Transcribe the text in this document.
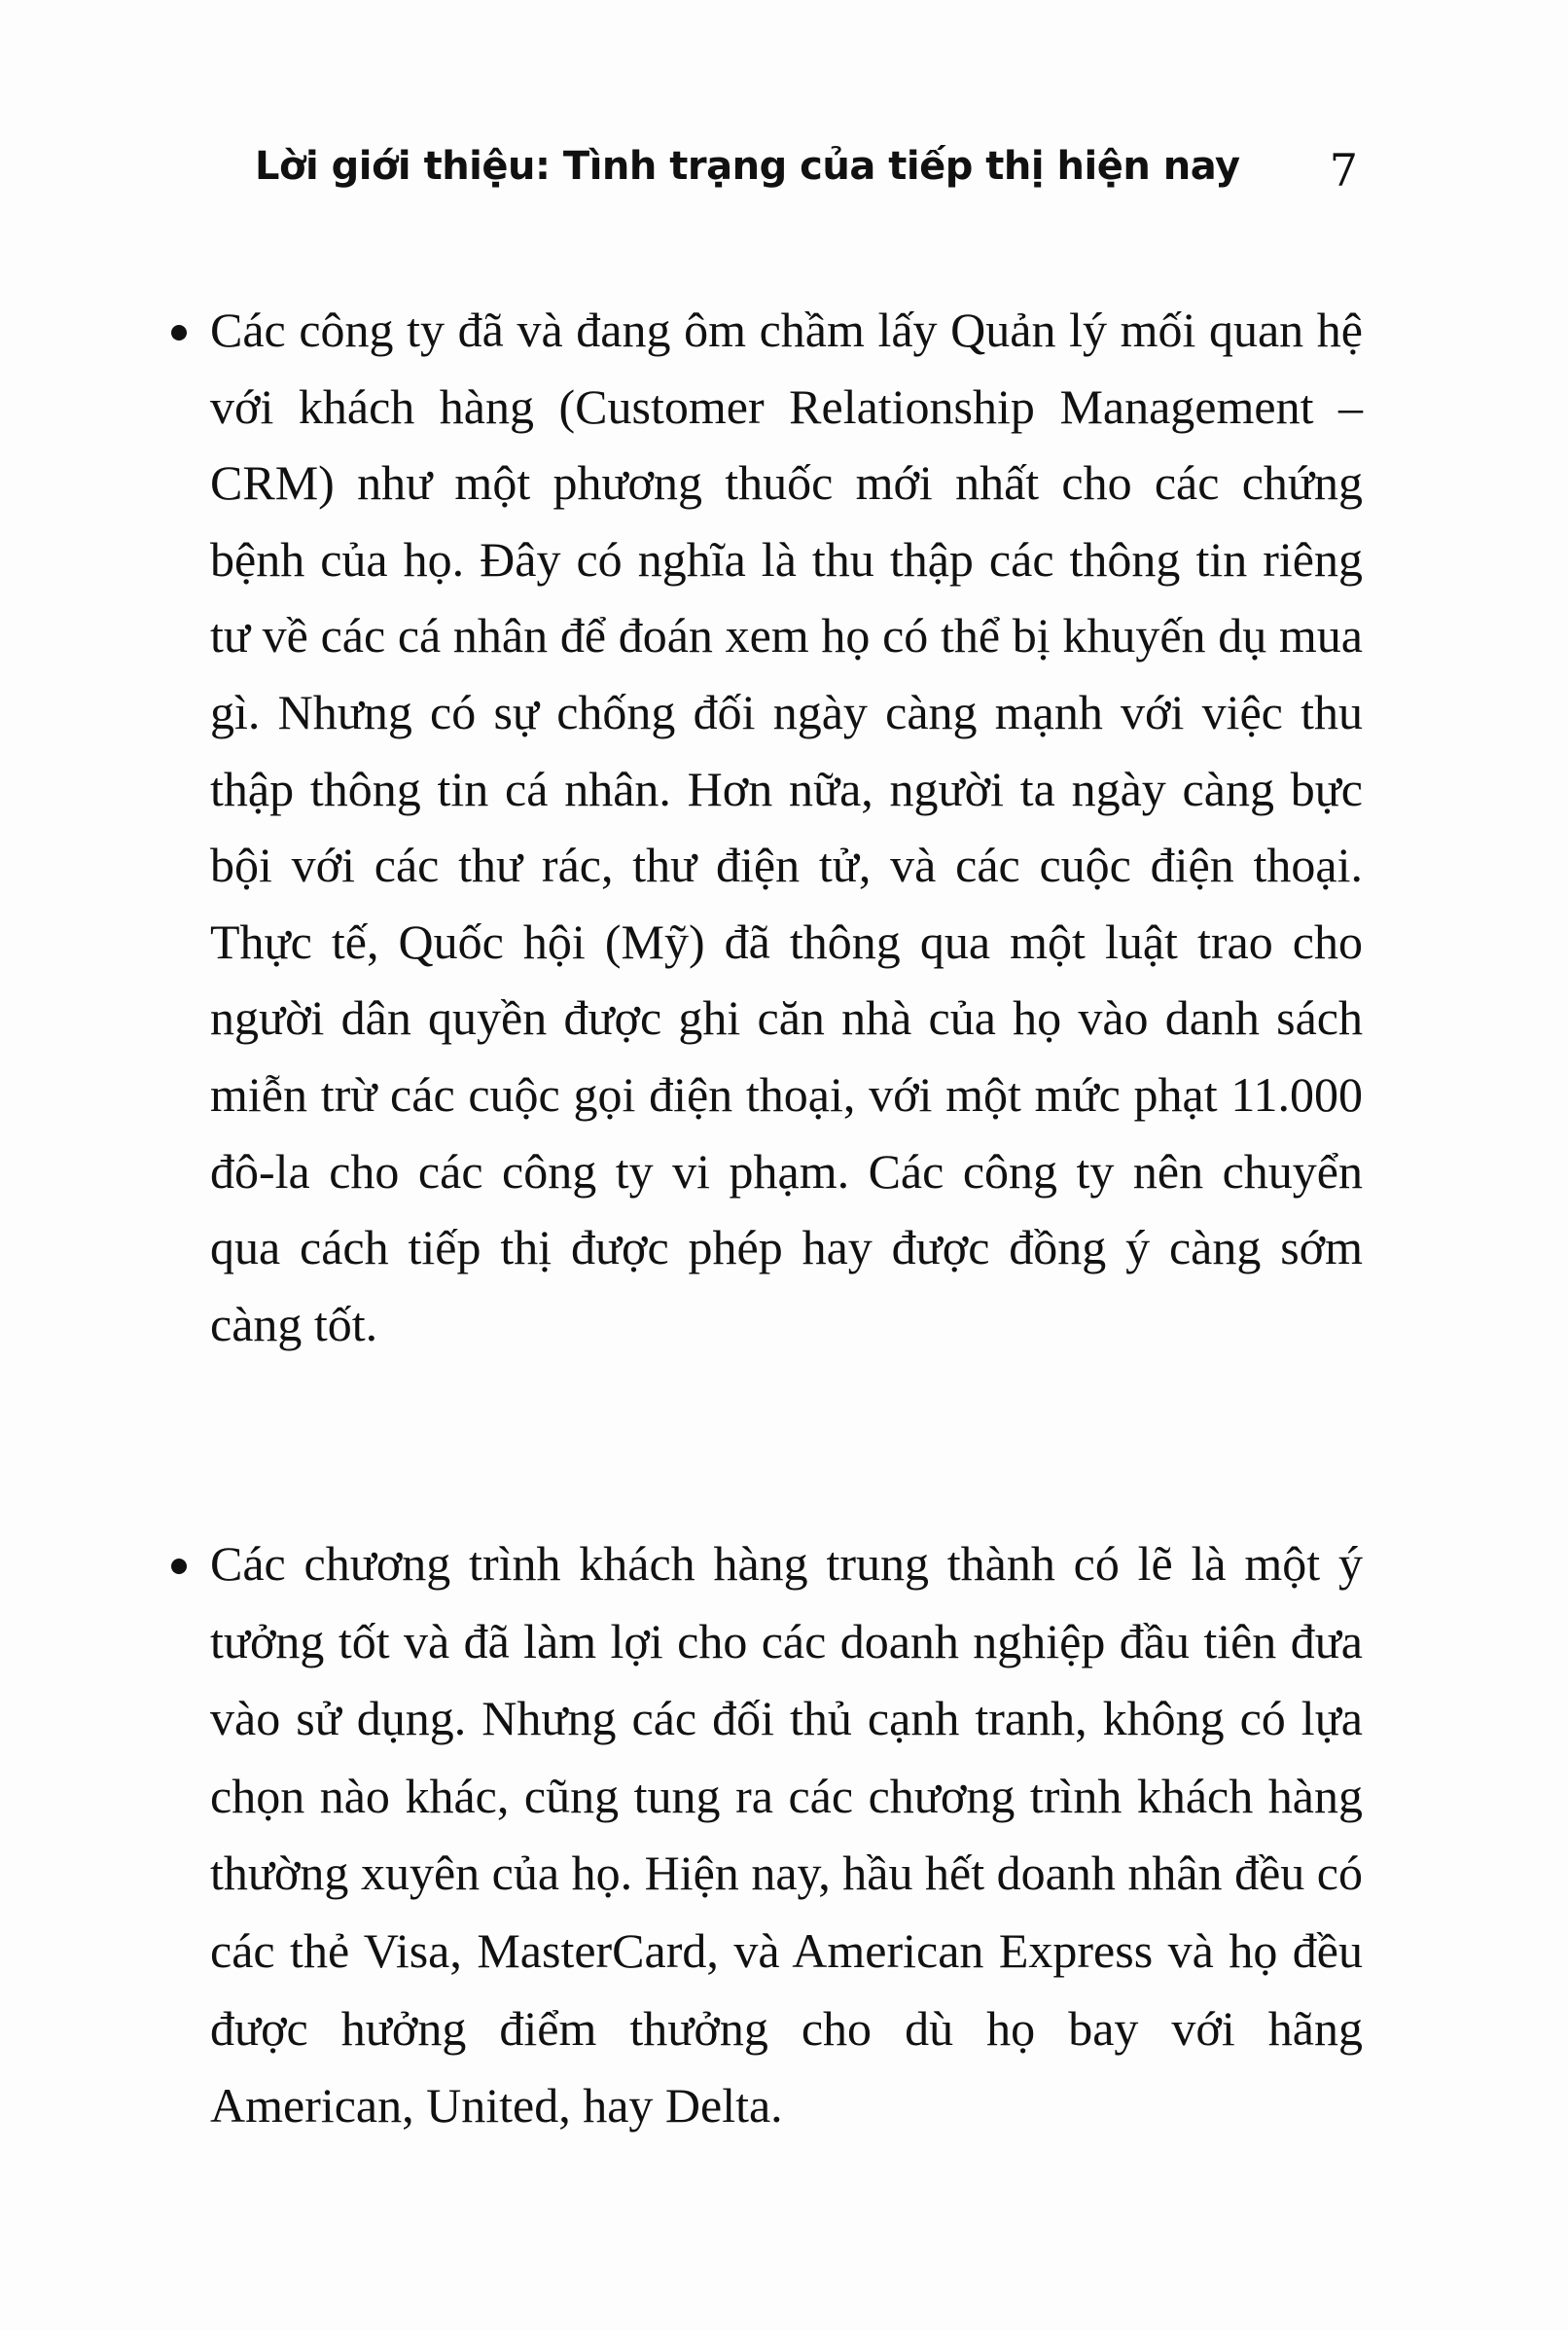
Lời giới thiệu: Tình trạng của tiếp thị hiện nay 7
Các công ty đã và đang ôm chầm lấy Quản lý mối quan hệ với khách hàng (Customer Relationship Management – CRM) như một phương thuốc mới nhất cho các chứng bệnh của họ. Đây có nghĩa là thu thập các thông tin riêng tư về các cá nhân để đoán xem họ có thể bị khuyến dụ mua gì. Nhưng có sự chống đối ngày càng mạnh với việc thu thập thông tin cá nhân. Hơn nữa, người ta ngày càng bực bội với các thư rác, thư điện tử, và các cuộc điện thoại. Thực tế, Quốc hội (Mỹ) đã thông qua một luật trao cho người dân quyền được ghi căn nhà của họ vào danh sách miễn trừ các cuộc gọi điện thoại, với một mức phạt 11.000 đô-la cho các công ty vi phạm. Các công ty nên chuyển qua cách tiếp thị được phép hay được đồng ý càng sớm càng tốt.
Các chương trình khách hàng trung thành có lẽ là một ý tưởng tốt và đã làm lợi cho các doanh nghiệp đầu tiên đưa vào sử dụng. Nhưng các đối thủ cạnh tranh, không có lựa chọn nào khác, cũng tung ra các chương trình khách hàng thường xuyên của họ. Hiện nay, hầu hết doanh nhân đều có các thẻ Visa, MasterCard, và American Express và họ đều được hưởng điểm thưởng cho dù họ bay với hãng American, United, hay Delta.
